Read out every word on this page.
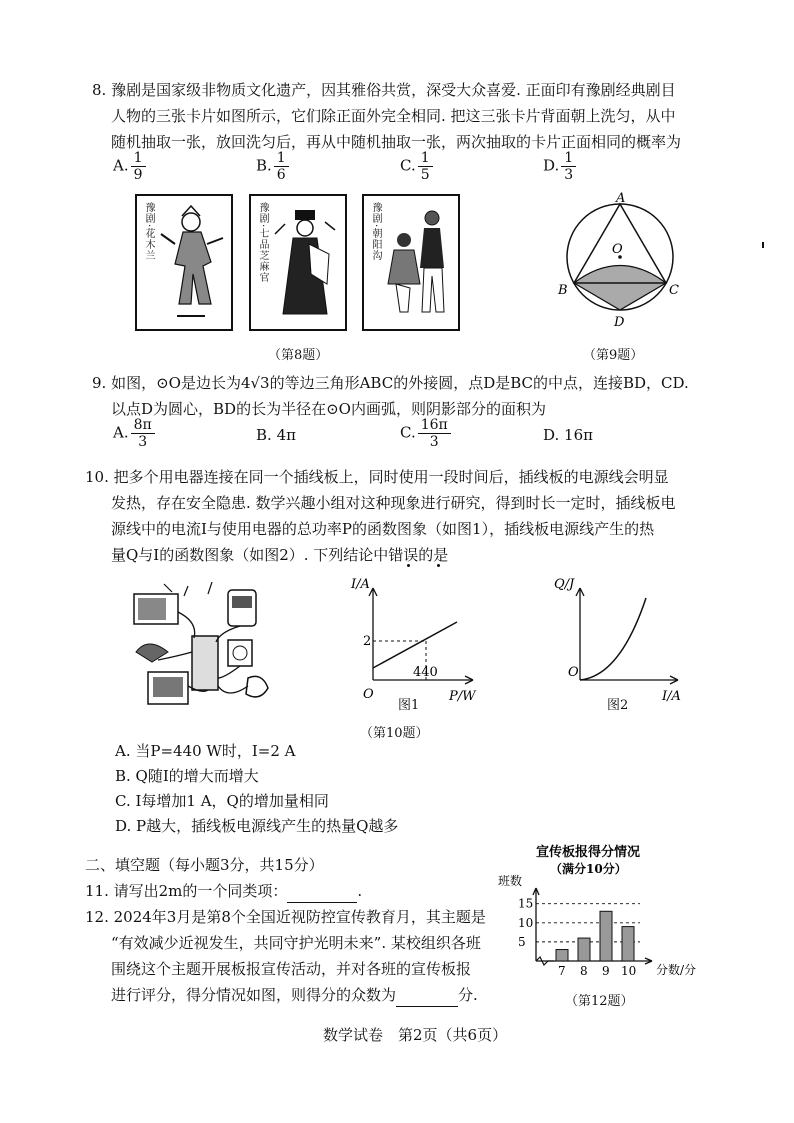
8. 豫剧是国家级非物质文化遗产，因其雅俗共赏，深受大众喜爱. 正面印有豫剧经典剧目
人物的三张卡片如图所示，它们除正面外完全相同. 把这三张卡片背面朝上洗匀，从中
随机抽取一张，放回洗匀后，再从中随机抽取一张，两次抽取的卡片正面相同的概率为
A. $\frac{1}{9}$	B. $\frac{1}{6}$	C. $\frac{1}{5}$	D. $\frac{1}{3}$
豫剧·花木兰	豫剧·七品芝麻官	豫剧·朝阳沟
（第8题）
A
O
B	C
D
（第9题）
9. 如图，⊙O是边长为4√3的等边三角形ABC的外接圆，点D是BC的中点，连接BD，CD.
以点D为圆心，BD的长为半径在⊙O内画弧，则阴影部分的面积为
A. $\frac{8\pi}{3}$	B. 4π	C. $\frac{16\pi}{3}$	D. 16π
10. 把多个用电器连接在同一个插线板上，同时使用一段时间后，插线板的电源线会明显
发热，存在安全隐患. 数学兴趣小组对这种现象进行研究，得到时长一定时，插线板电
源线中的电流I与使用电器的总功率P的函数图象（如图1），插线板电源线产生的热
量Q与I的函数图象（如图2）. 下列结论中错误的是
I/A
2
440
O	P/W
图1
Q/J
O
I/A
图2
（第10题）
A. 当P=440 W时，I=2 A
B. Q随I的增大而增大
C. I每增加1 A，Q的增加量相同
D. P越大，插线板电源线产生的热量Q越多
二、填空题（每小题3分，共15分）
11. 请写出2m的一个同类项：	.
12. 2024年3月是第8个全国近视防控宣传教育月，其主题是
“有效减少近视发生，共同守护光明未来”. 某校组织各班
围绕这个主题开展板报宣传活动，并对各班的宣传板报
进行评分，得分情况如图，则得分的众数为	分.
宣传板报得分情况
（满分10分）
班数
5
10
15
7 8 9 10 分数/分
（第12题）
数学试卷　第2页（共6页）
